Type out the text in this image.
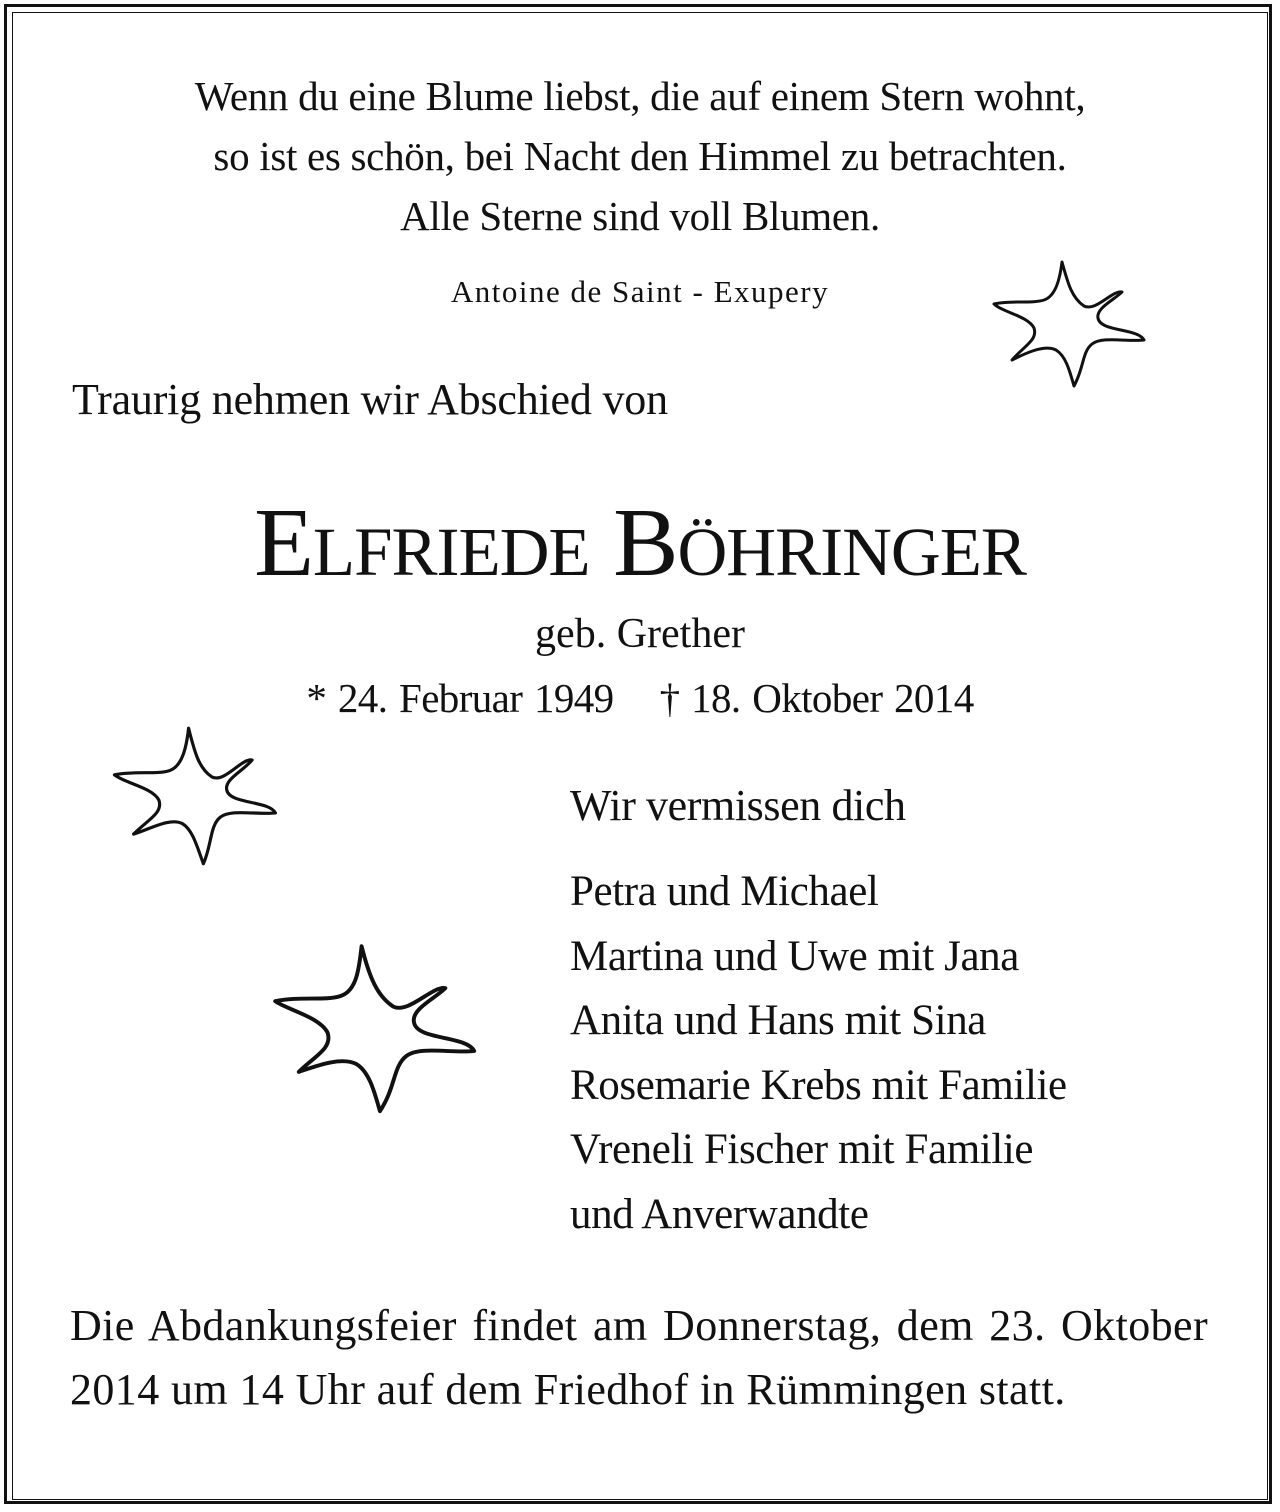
Wenn du eine Blume liebst, die auf einem Stern wohnt,
so ist es schön, bei Nacht den Himmel zu betrachten.
Alle Sterne sind voll Blumen.
Antoine de Saint - Exupery
Traurig nehmen wir Abschied von
Elfriede Böhringer
geb. Grether
* 24. Februar 1949 † 18. Oktober 2014
Wir vermissen dich
Petra und Michael
Martina und Uwe mit Jana
Anita und Hans mit Sina
Rosemarie Krebs mit Familie
Vreneli Fischer mit Familie
und Anverwandte
Die Abdankungsfeier findet am Donnerstag, dem 23. Oktober 2014 um 14 Uhr auf dem Friedhof in Rümmingen statt.
